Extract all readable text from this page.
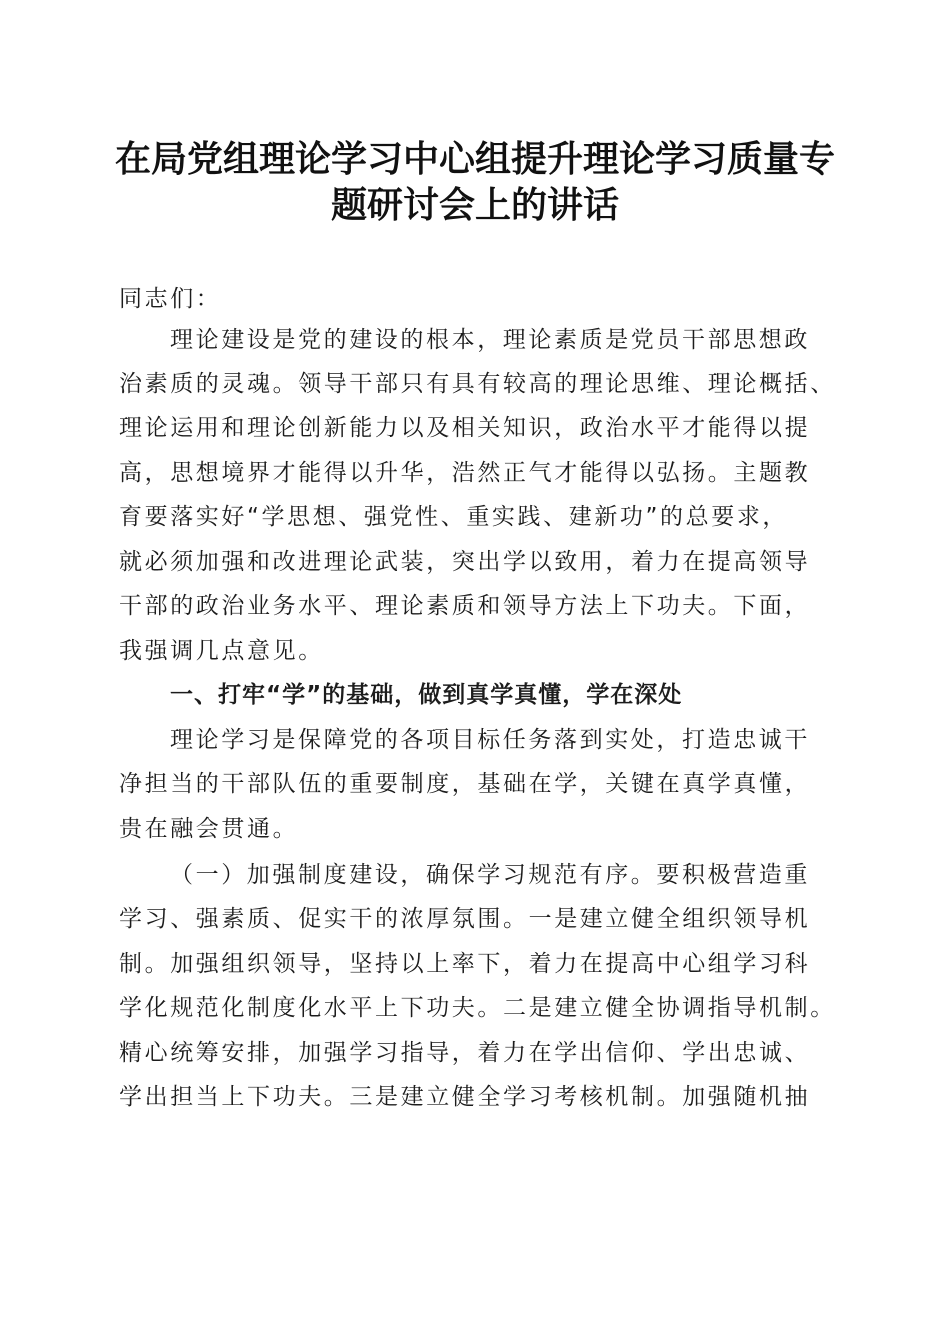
在局党组理论学习中心组提升理论学习质量专
题研讨会上的讲话
同志们：
理论建设是党的建设的根本，理论素质是党员干部思想政
治素质的灵魂。领导干部只有具有较高的理论思维、理论概括、
理论运用和理论创新能力以及相关知识，政治水平才能得以提
高，思想境界才能得以升华，浩然正气才能得以弘扬。主题教
育要落实好“学思想、强党性、重实践、建新功”的总要求，
就必须加强和改进理论武装，突出学以致用，着力在提高领导
干部的政治业务水平、理论素质和领导方法上下功夫。下面，
我强调几点意见。
一、打牢“学”的基础，做到真学真懂，学在深处
理论学习是保障党的各项目标任务落到实处，打造忠诚干
净担当的干部队伍的重要制度，基础在学，关键在真学真懂，
贵在融会贯通。
（一）加强制度建设，确保学习规范有序。要积极营造重
学习、强素质、促实干的浓厚氛围。一是建立健全组织领导机
制。加强组织领导，坚持以上率下，着力在提高中心组学习科
学化规范化制度化水平上下功夫。二是建立健全协调指导机制。
精心统筹安排，加强学习指导，着力在学出信仰、学出忠诚、
学出担当上下功夫。三是建立健全学习考核机制。加强随机抽
